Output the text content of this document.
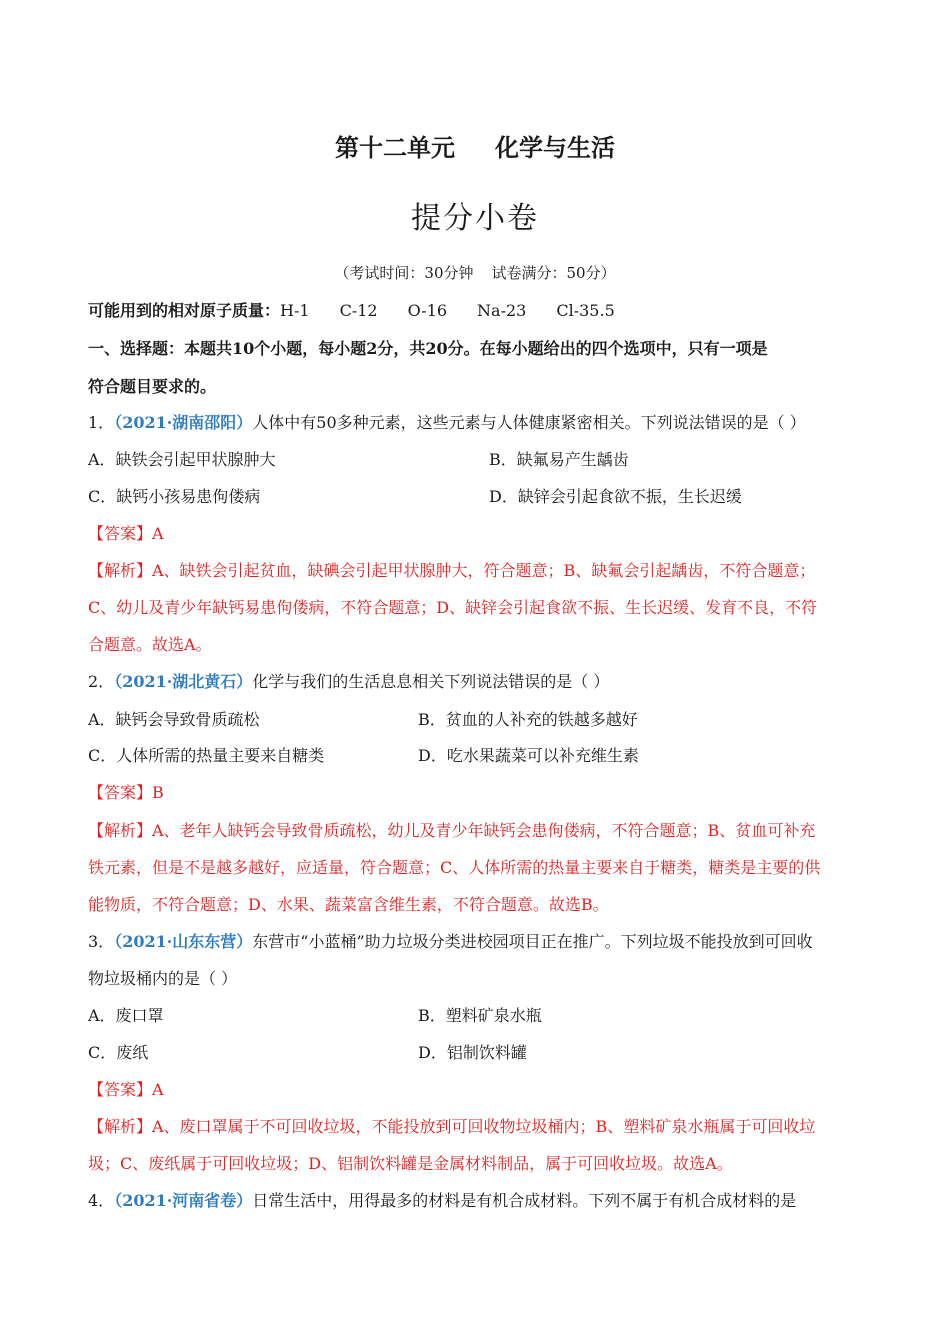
第十二单元 化学与生活
提分小卷
（考试时间：30分钟 试卷满分：50分）
可能用到的相对原子质量：H-1 C-12 O-16 Na-23 Cl-35.5
一、选择题：本题共10个小题，每小题2分，共20分。在每小题给出的四个选项中，只有一项是
符合题目要求的。
1．（2021·湖南邵阳）人体中有50多种元素，这些元素与人体健康紧密相关。下列说法错误的是（ ）
A．缺铁会引起甲状腺肿大	B．缺氟易产生龋齿
C．缺钙小孩易患佝偻病	D．缺锌会引起食欲不振，生长迟缓
【答案】A
【解析】A、缺铁会引起贫血，缺碘会引起甲状腺肿大，符合题意；B、缺氟会引起龋齿，不符合题意；
C、幼儿及青少年缺钙易患佝偻病，不符合题意；D、缺锌会引起食欲不振、生长迟缓、发育不良，不符
合题意。故选A。
2．（2021·湖北黄石）化学与我们的生活息息相关下列说法错误的是（ ）
A．缺钙会导致骨质疏松	B．贫血的人补充的铁越多越好
C．人体所需的热量主要来自糖类	D．吃水果蔬菜可以补充维生素
【答案】B
【解析】A、老年人缺钙会导致骨质疏松，幼儿及青少年缺钙会患佝偻病，不符合题意；B、贫血可补充
铁元素，但是不是越多越好，应适量，符合题意；C、人体所需的热量主要来自于糖类，糖类是主要的供
能物质，不符合题意；D、水果、蔬菜富含维生素，不符合题意。故选B。
3．（2021·山东东营）东营市“小蓝桶”助力垃圾分类进校园项目正在推广。下列垃圾不能投放到可回收
物垃圾桶内的是（ ）
A．废口罩	B．塑料矿泉水瓶
C．废纸	D．铝制饮料罐
【答案】A
【解析】A、废口罩属于不可回收垃圾，不能投放到可回收物垃圾桶内；B、塑料矿泉水瓶属于可回收垃
圾；C、废纸属于可回收垃圾；D、铝制饮料罐是金属材料制品，属于可回收垃圾。故选A。
4．（2021·河南省卷）日常生活中，用得最多的材料是有机合成材料。下列不属于有机合成材料的是
